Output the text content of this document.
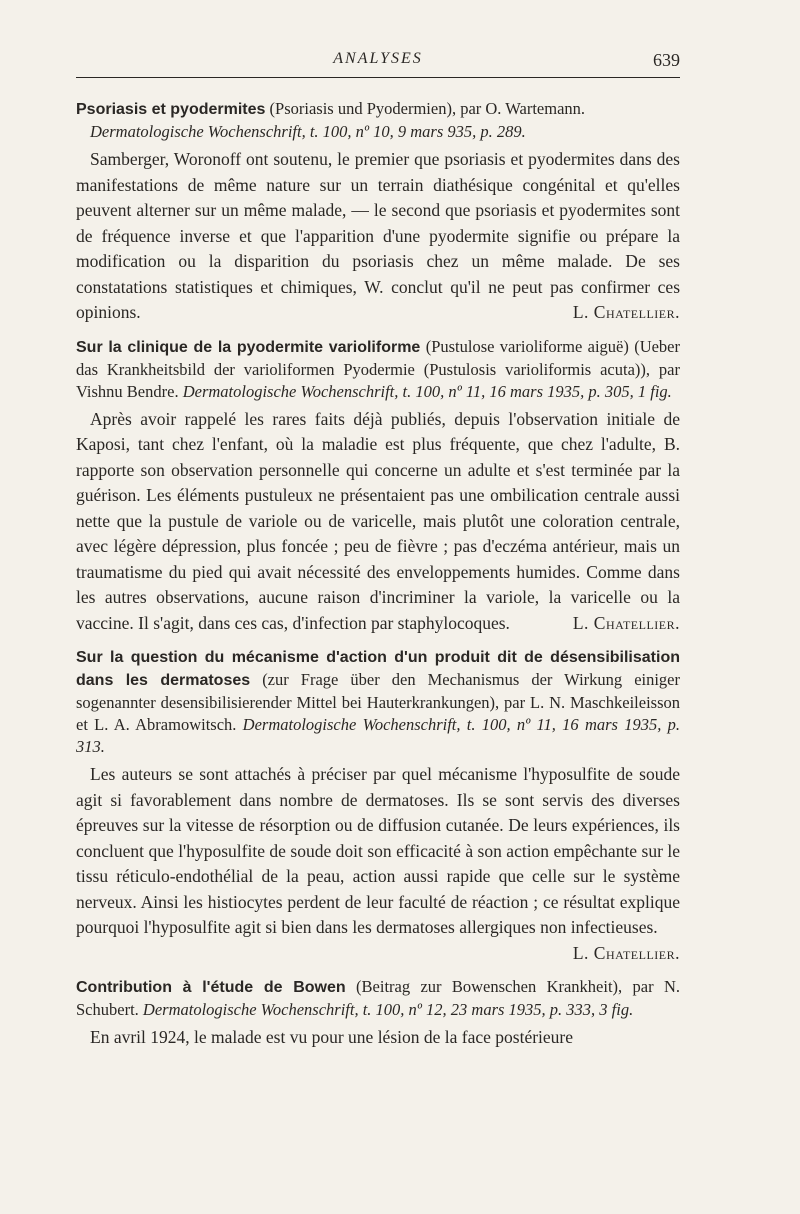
ANALYSES	639

Psoriasis et pyodermites (Psoriasis und Pyodermien), par O. Wartemann.
Dermatologische Wochenschrift, t. 100, nº 10, 9 mars 935, p. 289.

Samberger, Woronoff ont soutenu, le premier que psoriasis et pyodermites dans des manifestations de même nature sur un terrain diathésique congénital et qu'elles peuvent alterner sur un même malade, — le second que psoriasis et pyodermites sont de fréquence inverse et que l'apparition d'une pyodermite signifie ou prépare la modification ou la disparition du psoriasis chez un même malade. De ses constatations statistiques et chimiques, W. conclut qu'il ne peut pas confirmer ces opinions.	L. Chatellier.

Sur la clinique de la pyodermite varioliforme (Pustulose varioliforme aiguë) (Ueber das Krankheitsbild der varioliformen Pyodermie (Pustulosis varioliformis acuta)), par Vishnu Bendre. Dermatologische Wochenschrift, t. 100, nº 11, 16 mars 1935, p. 305, 1 fig.

Après avoir rappelé les rares faits déjà publiés, depuis l'observation initiale de Kaposi, tant chez l'enfant, où la maladie est plus fréquente, que chez l'adulte, B. rapporte son observation personnelle qui concerne un adulte et s'est terminée par la guérison. Les éléments pustuleux ne présentaient pas une ombilication centrale aussi nette que la pustule de variole ou de varicelle, mais plutôt une coloration centrale, avec légère dépression, plus foncée ; peu de fièvre ; pas d'eczéma antérieur, mais un traumatisme du pied qui avait nécessité des enveloppements humides. Comme dans les autres observations, aucune raison d'incriminer la variole, la varicelle ou la vaccine. Il s'agit, dans ces cas, d'infection par staphylocoques.	L. Chatellier.

Sur la question du mécanisme d'action d'un produit dit de désensibilisation dans les dermatoses (zur Frage über den Mechanismus der Wirkung einiger sogenannter desensibilisierender Mittel bei Hauterkrankungen), par L. N. Maschkeileisson et L. A. Abramowitsch. Dermatologische Wochenschrift, t. 100, nº 11, 16 mars 1935, p. 313.

Les auteurs se sont attachés à préciser par quel mécanisme l'hyposulfite de soude agit si favorablement dans nombre de dermatoses. Ils se sont servis des diverses épreuves sur la vitesse de résorption ou de diffusion cutanée. De leurs expériences, ils concluent que l'hyposulfite de soude doit son efficacité à son action empêchante sur le tissu réticulo-endothélial de la peau, action aussi rapide que celle sur le système nerveux. Ainsi les histiocytes perdent de leur faculté de réaction ; ce résultat explique pourquoi l'hyposulfite agit si bien dans les dermatoses allergiques non infectieuses.
L. Chatellier.

Contribution à l'étude de Bowen (Beitrag zur Bowenschen Krankheit), par N. Schubert. Dermatologische Wochenschrift, t. 100, nº 12, 23 mars 1935, p. 333, 3 fig.

En avril 1924, le malade est vu pour une lésion de la face postérieure
